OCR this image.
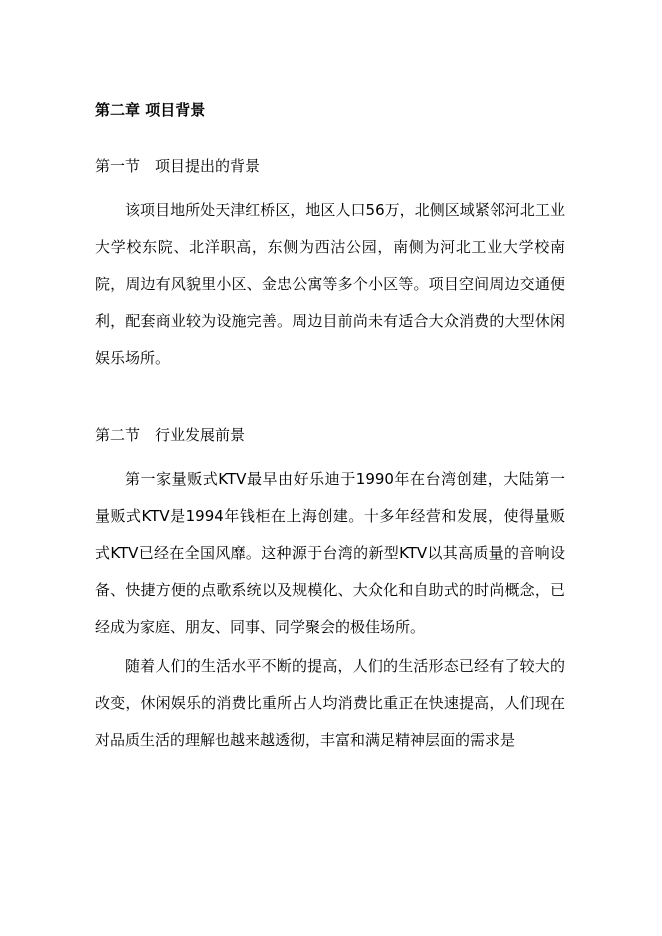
第二章 项目背景
第一节　项目提出的背景

该项目地所处天津红桥区，地区人口56万，北侧区域紧邻河北工业大学校东院、北洋职高，东侧为西沽公园，南侧为河北工业大学校南院，周边有风貌里小区、金忠公寓等多个小区等。项目空间周边交通便利，配套商业较为设施完善。周边目前尚未有适合大众消费的大型休闲娱乐场所。

第二节　行业发展前景

第一家量贩式KTV最早由好乐迪于1990年在台湾创建，大陆第一量贩式KTV是1994年钱柜在上海创建。十多年经营和发展，使得量贩式KTV已经在全国风靡。这种源于台湾的新型KTV以其高质量的音响设备、快捷方便的点歌系统以及规模化、大众化和自助式的时尚概念，已经成为家庭、朋友、同事、同学聚会的极佳场所。

随着人们的生活水平不断的提高，人们的生活形态已经有了较大的改变，休闲娱乐的消费比重所占人均消费比重正在快速提高，人们现在对品质生活的理解也越来越透彻，丰富和满足精神层面的需求是
